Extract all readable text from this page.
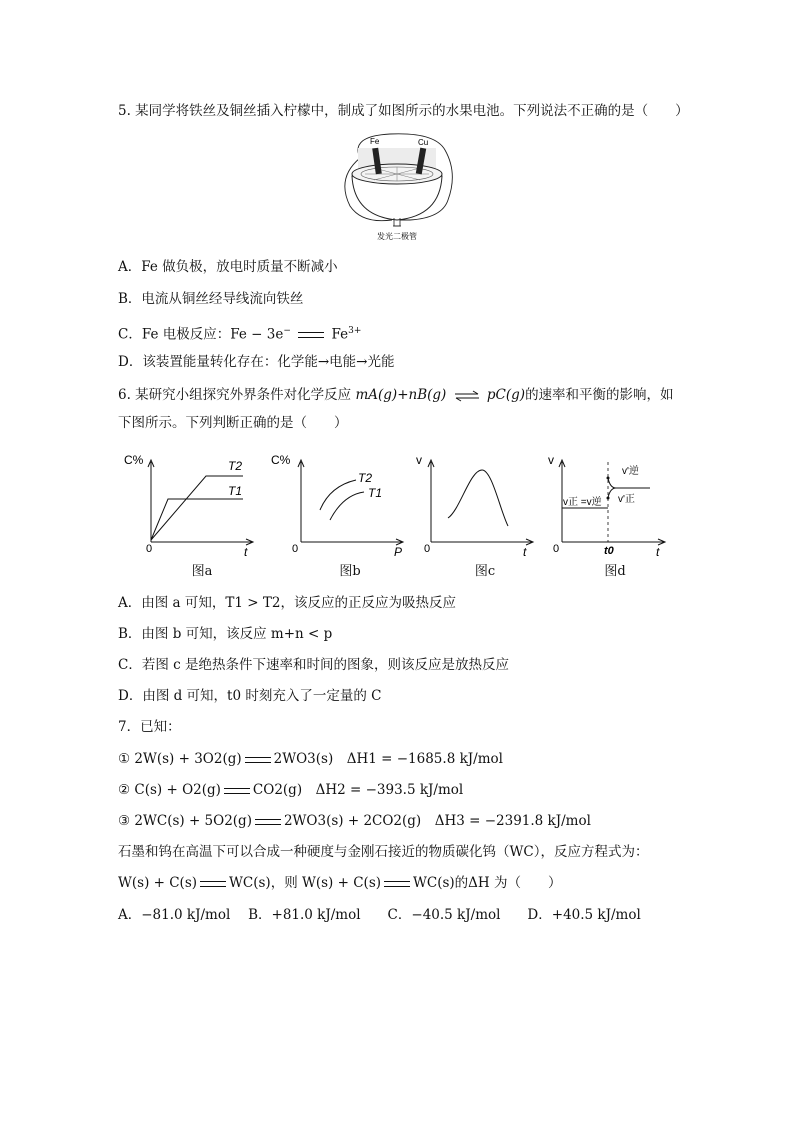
5. 某同学将铁丝及铜丝插入柠檬中，制成了如图所示的水果电池。下列说法不正确的是（　　）
Fe	Cu
发光二极管
A．Fe 做负极，放电时质量不断减小
B．电流从铜丝经导线流向铁丝
C．Fe 电极反应：Fe − 3e−	$Fe^{3+}$
D．该装置能量转化存在：化学能→电能→光能
6. 某研究小组探究外界条件对化学反应 mA(g)+nB(g) ⇌ pC(g)的速率和平衡的影响，如
下图所示。下列判断正确的是（　　）
C%
t
0
T2
T1
图a
C%
P
0
T2
T1
图b
v
t
0
图c
v
t
0	t0
v'逆
v'正
v正 =v逆
图d
A．由图 a 可知，T1 > T2，该反应的正反应为吸热反应
B．由图 b 可知，该反应 m+n < p
C．若图 c 是绝热条件下速率和时间的图象，则该反应是放热反应
D．由图 d 可知，t0 时刻充入了一定量的 C
7．已知：
① 2W(s) + 3O2(g) 2WO3(s)　ΔH1 = −1685.8 kJ/mol
② C(s) + O2(g) CO2(g)　ΔH2 = −393.5 kJ/mol
③ 2WC(s) + 5O2(g) 2WO3(s) + 2CO2(g)　ΔH3 = −2391.8 kJ/mol
石墨和钨在高温下可以合成一种硬度与金刚石接近的物质碳化钨（WC），反应方程式为：
W(s) + C(s) WC(s)，则 W(s) + C(s) WC(s)的ΔH 为（　　）
A．−81.0 kJ/mol　 B．+81.0 kJ/mol　　C．−40.5 kJ/mol　　D．+40.5 kJ/mol
